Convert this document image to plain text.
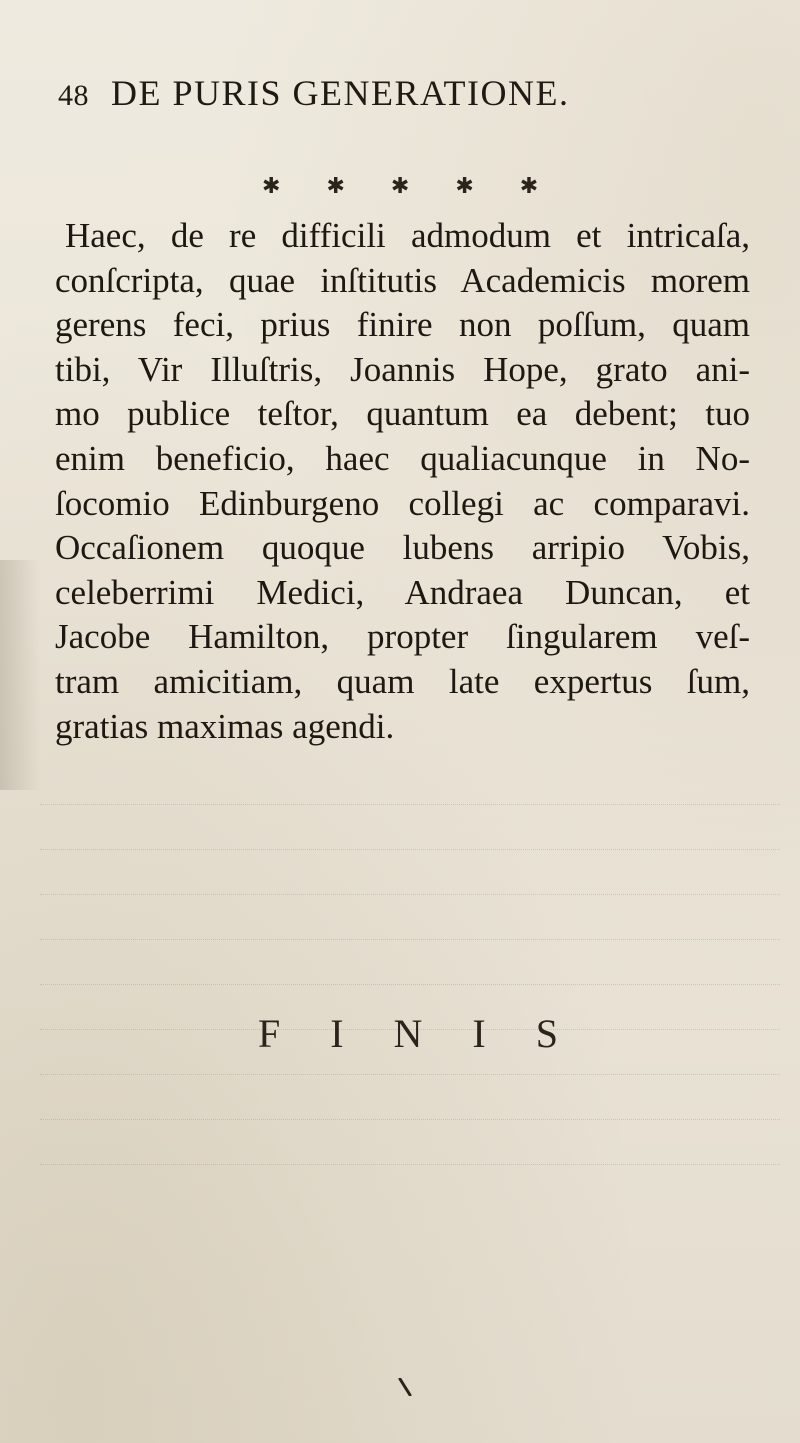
48 DE PURIS GENERATIONE.
✱ ✱ ✱ ✱ ✱
Haec, de re difficili admodum et intricaſa,
conſcripta, quae inſtitutis Academicis morem
gerens feci, prius finire non poſſum, quam
tibi, Vir Illuſtris, Joannis Hope, grato ani-
mo publice teſtor, quantum ea debent; tuo
enim beneficio, haec qualiacunque in No-
ſocomio Edinburgeno collegi ac comparavi.
Occaſionem quoque lubens arripio Vobis,
celeberrimi Medici, Andraea Duncan, et
Jacobe Hamilton, propter ſingularem veſ-
tram amicitiam, quam late expertus ſum,
gratias maximas agendi.
F I N I S
